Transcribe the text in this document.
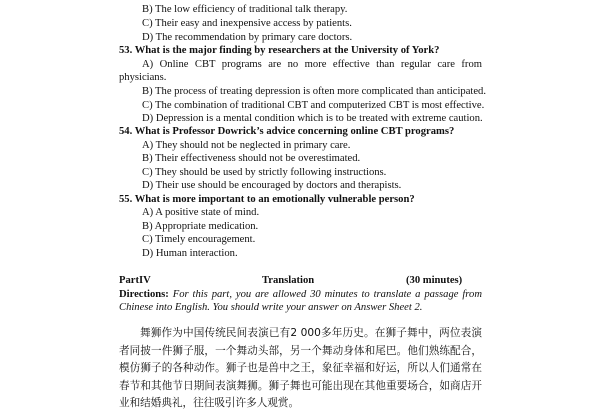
B) The low efficiency of traditional talk therapy.
C) Their easy and inexpensive access by patients.
D) The recommendation by primary care doctors.
53. What is the major finding by researchers at the University of York?
A) Online CBT programs are no more effective than regular care from physicians.
B) The process of treating depression is often more complicated than anticipated.
C) The combination of traditional CBT and computerized CBT is most effective.
D) Depression is a mental condition which is to be treated with extreme caution.
54. What is Professor Dowrick’s advice concerning online CBT programs?
A) They should not be neglected in primary care.
B) Their effectiveness should not be overestimated.
C) They should be used by strictly following instructions.
D) Their use should be encouraged by doctors and therapists.
55. What is more important to an emotionally vulnerable person?
A) A positive state of mind.
B) Appropriate medication.
C) Timely encouragement.
D) Human interaction.
PartIV	Translation	(30 minutes)
Directions: For this part, you are allowed 30 minutes to translate a passage from Chinese into English. You should write your answer on Answer Sheet 2.
舞狮作为中国传统民间表演已有2 000多年历史。在狮子舞中，两位表演者同披一件狮子服，一个舞动头部，另一个舞动身体和尾巴。他们熟练配合，模仿狮子的各种动作。狮子也是兽中之王，象征幸福和好运，所以人们通常在春节和其他节日期间表演舞狮。狮子舞也可能出现在其他重要场合，如商店开业和结婚典礼，往往吸引许多人观赏。
